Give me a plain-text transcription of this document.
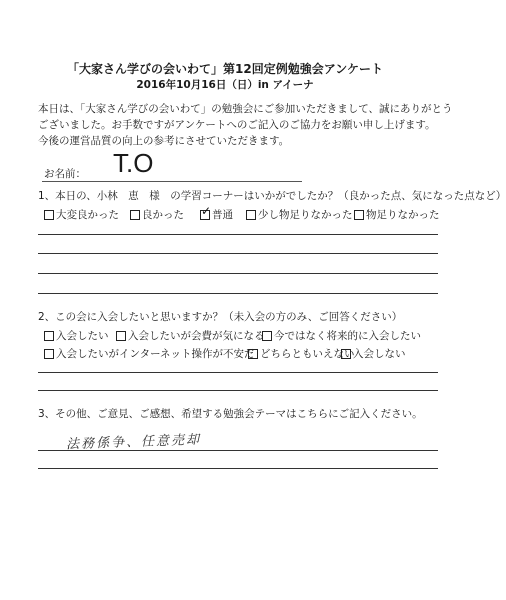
「大家さん学びの会いわて」第12回定例勉強会アンケート
2016年10月16日（日）in アイーナ
本日は、「大家さん学びの会いわて」の勉強会にご参加いただきまして、誠にありがとう
ございました。お手数ですがアンケートへのご記入のご協力をお願い申し上げます。
今後の運営品質の向上の参考にさせていただきます。
お名前： T.O
1、本日の、小林　恵　様　の学習コーナーはいかがでしたか？（良かった点、気になった点など）
大変良かった 良かった
✓	普通 少し物足りなかった 物足りなかった
2、この会に入会したいと思いますか？（未入会の方のみ、ご回答ください）
入会したい 入会したいが会費が気になる 今ではなく将来的に入会したい
入会したいがインターネット操作が不安だ どちらともいえない
入会しない
3、その他、ご意見、ご感想、希望する勉強会テーマはこちらにご記入ください。
法務係争、任意売却
